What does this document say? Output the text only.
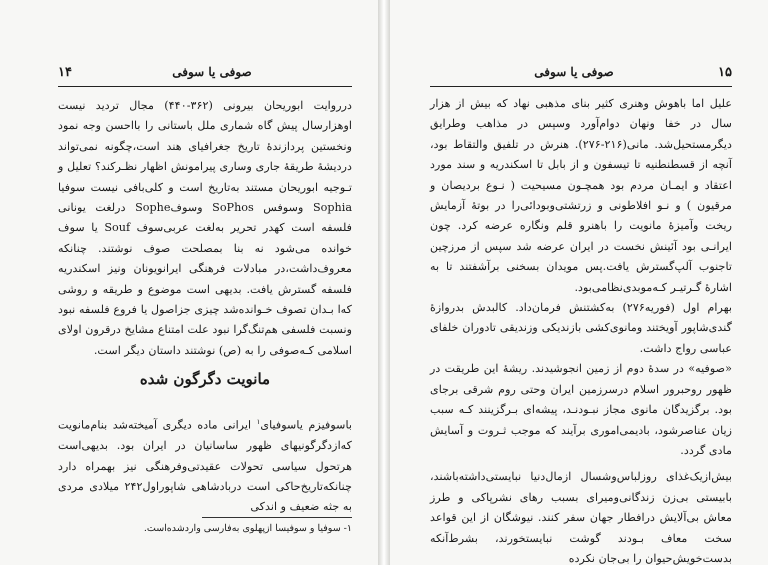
۱۴	صوفی یا سوفی

درروایت ابوریحان بیرونی (۳۶۲-۴۴۰) مجال تردید نیست اوهزارسال پیش گاه شماری ملل باستانی را بااحسن وجه نمود ونخستین پردازندهٔ تاریخ جغرافیای هند است،چگونه نمی‌تواند دردیشهٔ طریقهٔ جاری وساری پیرامونش اظهار نظـر‌کند؟ تعلیل و تـوجیه ابوریحان مستند به‌تاریخ است و کلی‌بافی نیست سوفیا Sophia وسوفس SoPhos وسوفSophe درلغت یونانی فلسفه است کهدر تحریر به‌لغت عربی‌سوف Souf یا سوف خوانده می‌شود نه بنا بمصلحت صوف نوشتند. چنانکه معروف‌داشت،در مبادلات فرهنگی ایرانویونان ونیز اسکندریه فلسفه گسترش یافت. بدیهی است موضوع و طریقه و روشی که‌ا بـدان تصوف خـوانده‌شد چیزی جزاصول یا فروع فلسفه نبود ونسبت فلسفی هم‌تنگ‌گرا نبود علت امتناع مشایخ درقرون اولای اسلامی کـه‌صوفی را به (ص) نوشتند داستان دیگر است.

مانویت دگرگون شده

باسوفیزم یاسوفیای$^۱$ ایرانی ماده دیگری آمیخته‌شد بنام‌مانویت که‌ازدگرگونیهای ظهور ساسانیان در ایران بود. بدیهی‌است هرتحول سیاسی تحولات عقیدتی‌وفرهنگی نیز بهمراه دارد چنانکه‌تاریخ‌حاکی است دربادشاهی شاپوراول۲۴۲ میلادی مردی به‌ جثه ضعیف و اندکی

۱- سوفیا و سوفیسا ازپهلوی به‌فارسی وارد‌شده‌است.
صوفی یا سوفی	۱۵

علیل اما باهوش وهنری کثیر بنای مذهبی نهاد که بیش از هزار سال در خفا ونهان دوام‌آورد وسپس در مذاهب وطرایق دیگرمستحیل‌شد. مانی(۲۱۶-۲۷۶). هنرش در تلفیق والتقاط بود، آنچه از قسطنطنیه تا تیسفون و از بابل تا اسکندریه و سند مورد اعتقاد و ایمـان مردم بود همچـون مسیحیت ( نـوع بردیصان و مرقیون ) و نـو افلاطونی و زرتشتی‌وبودائی‌را در بوتهٔ آزمایش ریخت وآمیزهٔ مانویت را باهنرو قلم ونگاره عرضه کرد. چون ایرانـی بود آئینش نخست در ایران عرضه شد سپس از مرزچین تاجنوب آلپ‌گسترش یافت.پس مویدان بسخنی برآشفتند تا به اشارهٔ گـرتیـر کـه‌موبدی‌نظامی‌بود.

بهرام اول (فوریه۲۷۶) به‌کشتنش فرمان‌داد. کالبدش بدروازهٔ گندی‌شاپور آویختند ومانوی‌کشی بازندیکی وزندیقی تادوران خلفای عباسی رواج داشت.

«صوفیه» در سدهٔ دوم از زمین انجوشیدند. ریشهٔ این طریقت در ظهور روحبرور اسلام درسرزمین ایران وحتی روم شرقی برجای بود. برگزیدگان مانوی مجاز نبـودنـد، پیشه‌ای بـرگزینند کـه سبب زیان عناصرشود، بادیمی‌اموری برآیند که موجب ثـروت و آسایش مادی گردد.

بیش‌ازیک‌غذای روزلباس‌وشسال ازمال‌دنیا نبایستی‌داشته‌باشند، بابیستی بی‌زن زندگانی‌ومیرای بسبب رهای نشرپاکی و طرز معاش بی‌آلایش درافطار جهان سفر کنند. نیوشگان از این قواعد سخت معاف بـودند گوشت نبایستخورند، بشرط‌آنکه بدست‌خویش‌حیوان را بی‌جان نکرده
